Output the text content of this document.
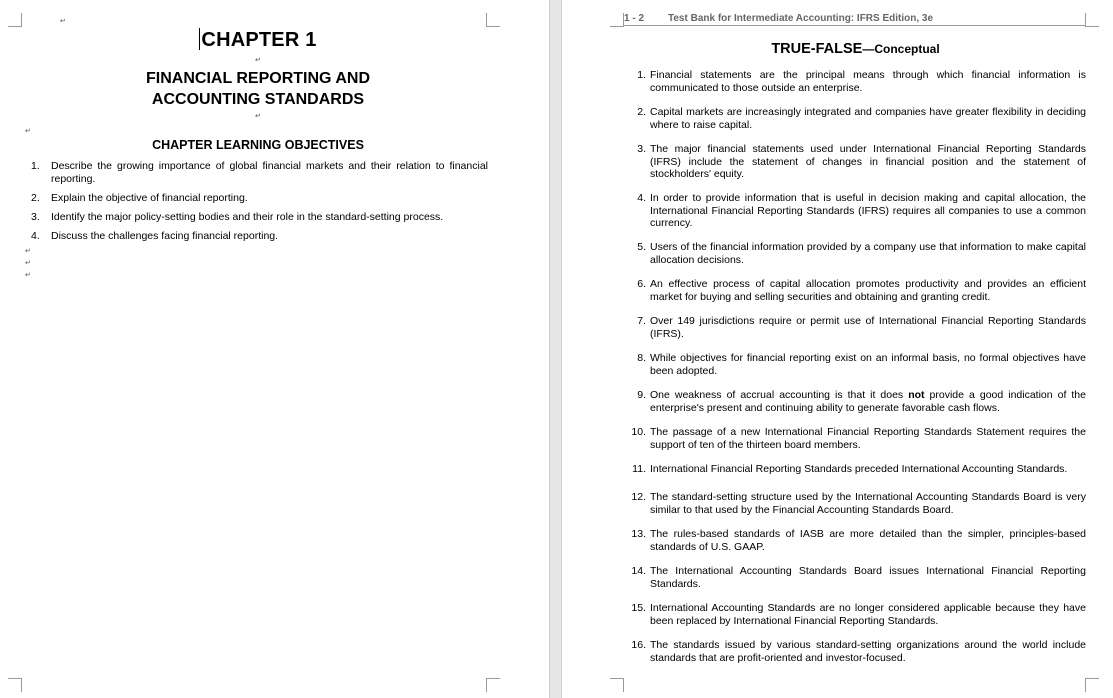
↵
CHAPTER 1
↵
FINANCIAL REPORTING AND
ACCOUNTING STANDARDS
↵
↵
CHAPTER LEARNING OBJECTIVES
1. Describe the growing importance of global financial markets and their relation to financial reporting.
2. Explain the objective of financial reporting.
3. Identify the major policy-setting bodies and their role in the standard-setting process.
4. Discuss the challenges facing financial reporting.
↵
↵
↵
1 - 2 Test Bank for Intermediate Accounting: IFRS Edition, 3e
TRUE-FALSE—Conceptual
1. Financial statements are the principal means through which financial information is communicated to those outside an enterprise.
2. Capital markets are increasingly integrated and companies have greater flexibility in deciding where to raise capital.
3. The major financial statements used under International Financial Reporting Standards (IFRS) include the statement of changes in financial position and the statement of stockholders' equity.
4. In order to provide information that is useful in decision making and capital allocation, the International Financial Reporting Standards (IFRS) requires all companies to use a common currency.
5. Users of the financial information provided by a company use that information to make capital allocation decisions.
6. An effective process of capital allocation promotes productivity and provides an efficient market for buying and selling securities and obtaining and granting credit.
7. Over 149 jurisdictions require or permit use of International Financial Reporting Standards (IFRS).
8. While objectives for financial reporting exist on an informal basis, no formal objectives have been adopted.
9. One weakness of accrual accounting is that it does not provide a good indication of the enterprise's present and continuing ability to generate favorable cash flows.
10. The passage of a new International Financial Reporting Standards Statement requires the support of ten of the thirteen board members.
11. International Financial Reporting Standards preceded International Accounting Standards.
12. The standard-setting structure used by the International Accounting Standards Board is very similar to that used by the Financial Accounting Standards Board.
13. The rules-based standards of IASB are more detailed than the simpler, principles-based standards of U.S. GAAP.
14. The International Accounting Standards Board issues International Financial Reporting Standards.
15. International Accounting Standards are no longer considered applicable because they have been replaced by International Financial Reporting Standards.
16. The standards issued by various standard-setting organizations around the world include standards that are profit-oriented and investor-focused.
